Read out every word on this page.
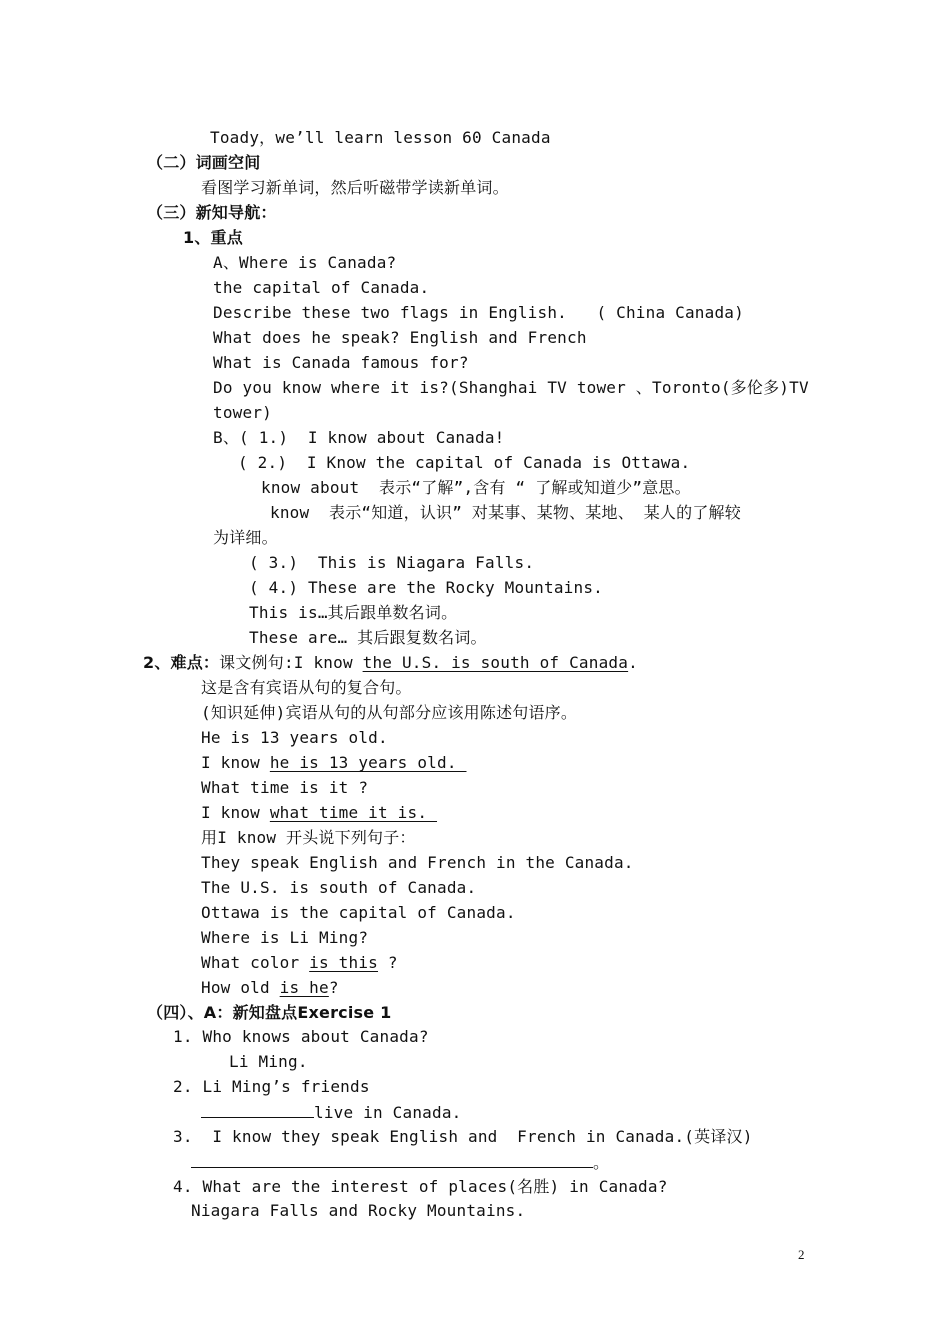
Toady，we’ll learn lesson 60 Canada
（二）词画空间
看图学习新单词，然后听磁带学读新单词。
（三）新知导航：
1、重点
A、Where is Canada?
the capital of Canada.
Describe these two flags in English.   ( China Canada)
What does he speak? English and French
What is Canada famous for?
Do you know where it is?(Shanghai TV tower 、Toronto(多伦多)TV
tower)
B、( 1.)  I know about Canada!
( 2.)  I Know the capital of Canada is Ottawa.
know about  表示“了解”,含有 “ 了解或知道少”意思。
know  表示“知道，认识” 对某事、某物、某地、 某人的了解较
为详细。
( 3.)  This is Niagara Falls.
( 4.) These are the Rocky Mountains.
This is…其后跟单数名词。
These are… 其后跟复数名词。
2、难点：课文例句:I know the U.S. is south of Canada.
这是含有宾语从句的复合句。
(知识延伸)宾语从句的从句部分应该用陈述句语序。
He is 13 years old.
I know he is 13 years old.
What time is it ?
I know what time it is.
用I know 开头说下列句子：
They speak English and French in the Canada.
The U.S. is south of Canada.
Ottawa is the capital of Canada.
Where is Li Ming?
What color is this ?
How old is he?
（四）、A：新知盘点Exercise 1
1. Who knows about Canada?
Li Ming.
2. Li Ming’s friends
live in Canada.
3.  I know they speak English and  French in Canada.(英译汉)
。
4. What are the interest of places(名胜) in Canada?
Niagara Falls and Rocky Mountains.
2
